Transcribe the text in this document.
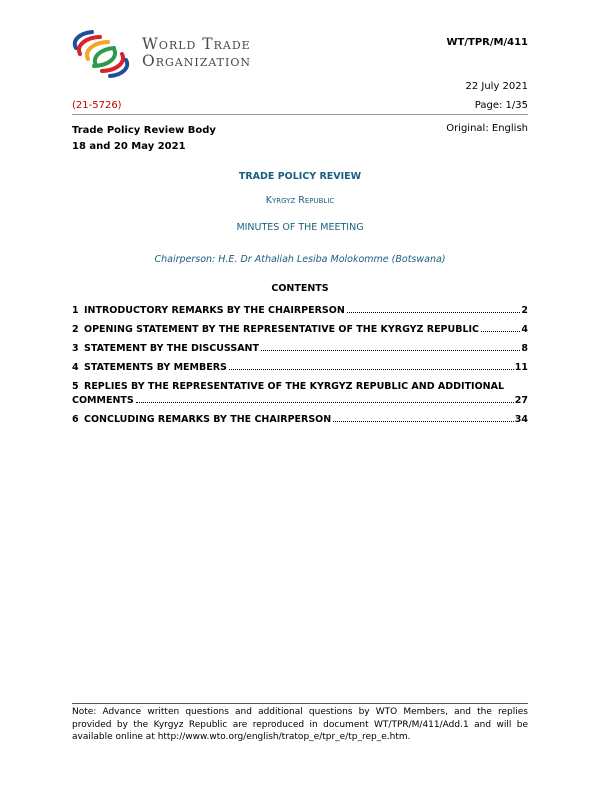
World Trade
Organization
WT/TPR/M/411
22 July 2021
(21-5726)	Page: 1/35
Trade Policy Review Body
18 and 20 May 2021
Original: English
TRADE POLICY REVIEW
Kyrgyz Republic
MINUTES OF THE MEETING
Chairperson: H.E. Dr Athaliah Lesiba Molokomme (Botswana)
CONTENTS
1 INTRODUCTORY REMARKS BY THE CHAIRPERSON	2
2 OPENING STATEMENT BY THE REPRESENTATIVE OF THE KYRGYZ REPUBLIC	4
3 STATEMENT BY THE DISCUSSANT	8
4 STATEMENTS BY MEMBERS	11
5 REPLIES BY THE REPRESENTATIVE OF THE KYRGYZ REPUBLIC AND ADDITIONAL
COMMENTS	27
6 CONCLUDING REMARKS BY THE CHAIRPERSON	34
Note: Advance written questions and additional questions by WTO Members, and the replies provided by the Kyrgyz Republic are reproduced in document WT/TPR/M/411/Add.1 and will be available online at http://www.wto.org/english/tratop_e/tpr_e/tp_rep_e.htm.
